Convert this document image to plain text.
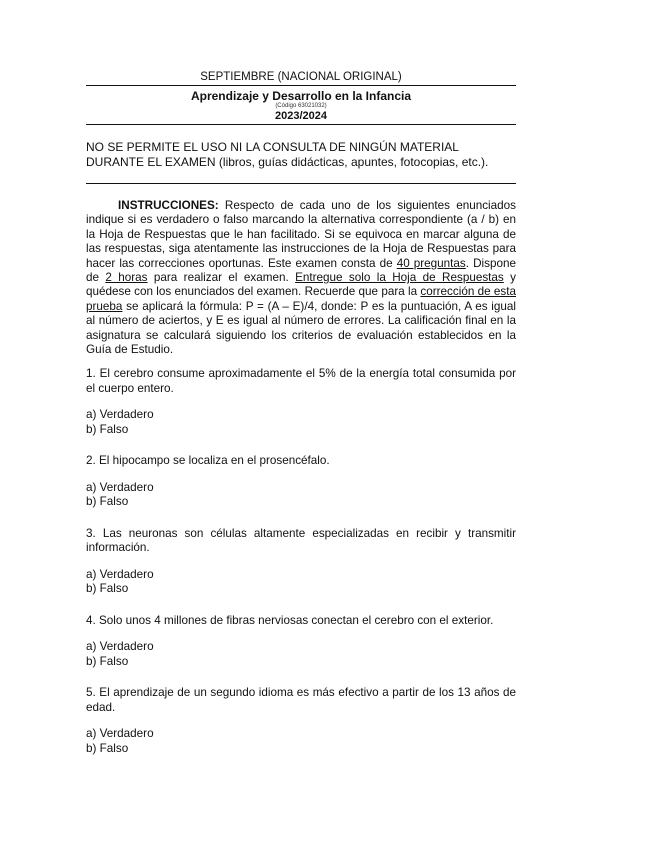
SEPTIEMBRE (NACIONAL ORIGINAL)
Aprendizaje y Desarrollo en la Infancia
(Código 63021032)
2023/2024
NO SE PERMITE EL USO NI LA CONSULTA DE NINGÚN MATERIAL
DURANTE EL EXAMEN (libros, guías didácticas, apuntes, fotocopias, etc.).

INSTRUCCIONES: Respecto de cada uno de los siguientes enunciados indique si es verdadero o falso marcando la alternativa correspondiente (a / b) en la Hoja de Respuestas que le han facilitado. Si se equivoca en marcar alguna de las respuestas, siga atentamente las instrucciones de la Hoja de Respuestas para hacer las correcciones oportunas. Este examen consta de 40 preguntas. Dispone de 2 horas para realizar el examen. Entregue solo la Hoja de Respuestas y quédese con los enunciados del examen. Recuerde que para la corrección de esta prueba se aplicará la fórmula: P = (A – E)/4, donde: P es la puntuación, A es igual al número de aciertos, y E es igual al número de errores. La calificación final en la asignatura se calculará siguiendo los criterios de evaluación establecidos en la Guía de Estudio.

1. El cerebro consume aproximadamente el 5% de la energía total consumida por el cuerpo entero.

a) Verdadero

b) Falso

2. El hipocampo se localiza en el prosencéfalo.

a) Verdadero

b) Falso

3. Las neuronas son células altamente especializadas en recibir y transmitir información.

a) Verdadero

b) Falso

4. Solo unos 4 millones de fibras nerviosas conectan el cerebro con el exterior.

a) Verdadero

b) Falso

5. El aprendizaje de un segundo idioma es más efectivo a partir de los 13 años de edad.

a) Verdadero

b) Falso
